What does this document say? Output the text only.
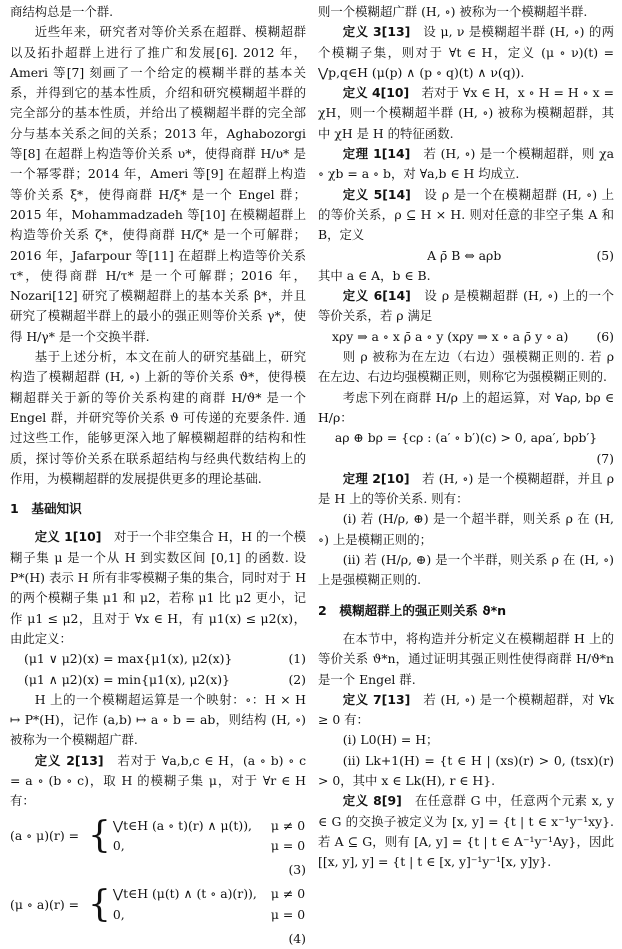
商结构总是一个群.

近些年来，研究者对等价关系在超群、模糊超群以及拓扑超群上进行了推广和发展[6]. 2012 年，Ameri 等[7] 刻画了一个给定的模糊半群的基本关系，并得到它的基本性质，介绍和研究模糊超半群的完全部分的基本性质，并给出了模糊超半群的完全部分与基本关系之间的关系；2013 年，Aghabozorgi 等[8] 在超群上构造等价关系 υ*，使得商群 H/υ* 是一个幂零群；2014 年，Ameri 等[9] 在超群上构造等价关系 ξ*，使得商群 H/ξ* 是一个 Engel 群；2015 年，Mohammadzadeh 等[10] 在模糊超群上构造等价关系 ζ*，使得商群 H/ζ* 是一个可解群；2016 年，Jafarpour 等[11] 在超群上构造等价关系 τ*，使得商群 H/τ* 是一个可解群；2016 年，Nozari[12] 研究了模糊超群上的基本关系 β*，并且研究了模糊超半群上的最小的强正则等价关系 γ*，使得 H/γ* 是一个交换半群.

基于上述分析，本文在前人的研究基础上，研究构造了模糊超群 (H, ∘) 上新的等价关系 ϑ*，使得模糊超群关于新的等价关系构建的商群 H/ϑ* 是一个 Engel 群，并研究等价关系 ϑ 可传递的充要条件. 通过这些工作，能够更深入地了解模糊超群的结构和性质，探讨等价关系在联系超结构与经典代数结构上的作用，为模糊超群的发展提供更多的理论基础.

1　基础知识

定义 1[10]　 对于一个非空集合 H，H 的一个模糊子集 μ 是一个从 H 到实数区间 [0,1] 的函数. 设 P*(H) 表示 H 所有非零模糊子集的集合，同时对于 H 的两个模糊子集 μ1 和 μ2，若称 μ1 比 μ2 更小，记作 μ1 ≤ μ2，且对于 ∀x ∈ H，有 μ1(x) ≤ μ2(x)，由此定义：

(μ1 ∨ μ2)(x) = max{μ1(x), μ2(x)}	(1)
(μ1 ∧ μ2)(x) = min{μ1(x), μ2(x)}	(2)

H 上的一个模糊超运算是一个映射：∘：H × H ↦ P*(H)，记作 (a,b) ↦ a ∘ b = ab，则结构 (H, ∘) 被称为一个模糊超广群.

定义 2[13]　 若对于 ∀a,b,c ∈ H，(a ∘ b) ∘ c = a ∘ (b ∘ c)，取 H 的模糊子集 μ，对于 ∀r ∈ H 有：

(a ∘ μ)(r) = { ⋁t∈H (a ∘ t)(r) ∧ μ(t)),	μ ≠ 0
0,	μ = 0
(3)
(μ ∘ a)(r) = { ⋁t∈H (μ(t) ∧ (t ∘ a)(r)),	μ ≠ 0
0,	μ = 0
(4)

则一个模糊超广群 (H, ∘) 被称为一个模糊超半群.

定义 3[13]　 设 μ, ν 是模糊超半群 (H, ∘) 的两个模糊子集，则对于 ∀t ∈ H，定义 (μ ∘ ν)(t) = ⋁p,q∈H (μ(p) ∧ (p ∘ q)(t) ∧ ν(q)).

定义 4[10]　 若对于 ∀x ∈ H，x ∘ H = H ∘ x = χH，则一个模糊超半群 (H, ∘) 被称为模糊超群，其中 χH 是 H 的特征函数.

定理 1[14]　 若 (H, ∘) 是一个模糊超群，则 χa ∘ χb = a ∘ b，对 ∀a,b ∈ H 均成立.

定义 5[14]　 设 ρ 是一个在模糊超群 (H, ∘) 上的等价关系，ρ ⊆ H × H. 则对任意的非空子集 A 和 B，定义

A ρ̄ B ⇔ aρb	(5)

其中 a ∈ A，b ∈ B.

定义 6[14]　 设 ρ 是模糊超群 (H, ∘) 上的一个等价关系，若 ρ 满足

xρy ⇒ a ∘ x ρ̄ a ∘ y (xρy ⇒ x ∘ a ρ̄ y ∘ a) (6)

则 ρ 被称为在左边（右边）强模糊正则的. 若 ρ 在左边、右边均强模糊正则，则称它为强模糊正则的.

考虑下列在商群 H/ρ 上的超运算，对 ∀aρ, bρ ∈ H/ρ：

aρ ⊕ bρ = {cρ : (a′ ∘ b′)(c) > 0, aρa′, bρb′}
(7)

定理 2[10]　 若 (H, ∘) 是一个模糊超群，并且 ρ 是 H 上的等价关系. 则有：

(i) 若 (H/ρ, ⊕) 是一个超半群，则关系 ρ 在 (H, ∘) 上是模糊正则的；

(ii) 若 (H/ρ, ⊕) 是一个半群，则关系 ρ 在 (H, ∘) 上是强模糊正则的.

2　模糊超群上的强正则关系 ϑ*n

在本节中，将构造并分析定义在模糊超群 H 上的等价关系 ϑ*n，通过证明其强正则性使得商群 H/ϑ*n 是一个 Engel 群.

定义 7[13]　 若 (H, ∘) 是一个模糊超群，对 ∀k ≥ 0 有：

(i) L0(H) = H；

(ii) Lk+1(H) = {t ∈ H | (xs)(r) > 0, (tsx)(r) > 0，其中 x ∈ Lk(H), r ∈ H}.

定义 8[9]　 在任意群 G 中，任意两个元素 x, y ∈ G 的交换子被定义为 [x, y] = {t | t ∈ x⁻¹y⁻¹xy}. 若 A ⊆ G，则有 [A, y] = {t | t ∈ A⁻¹y⁻¹Ay}，因此 [[x, y], y] = {t | t ∈ [x, y]⁻¹y⁻¹[x, y]y}.
